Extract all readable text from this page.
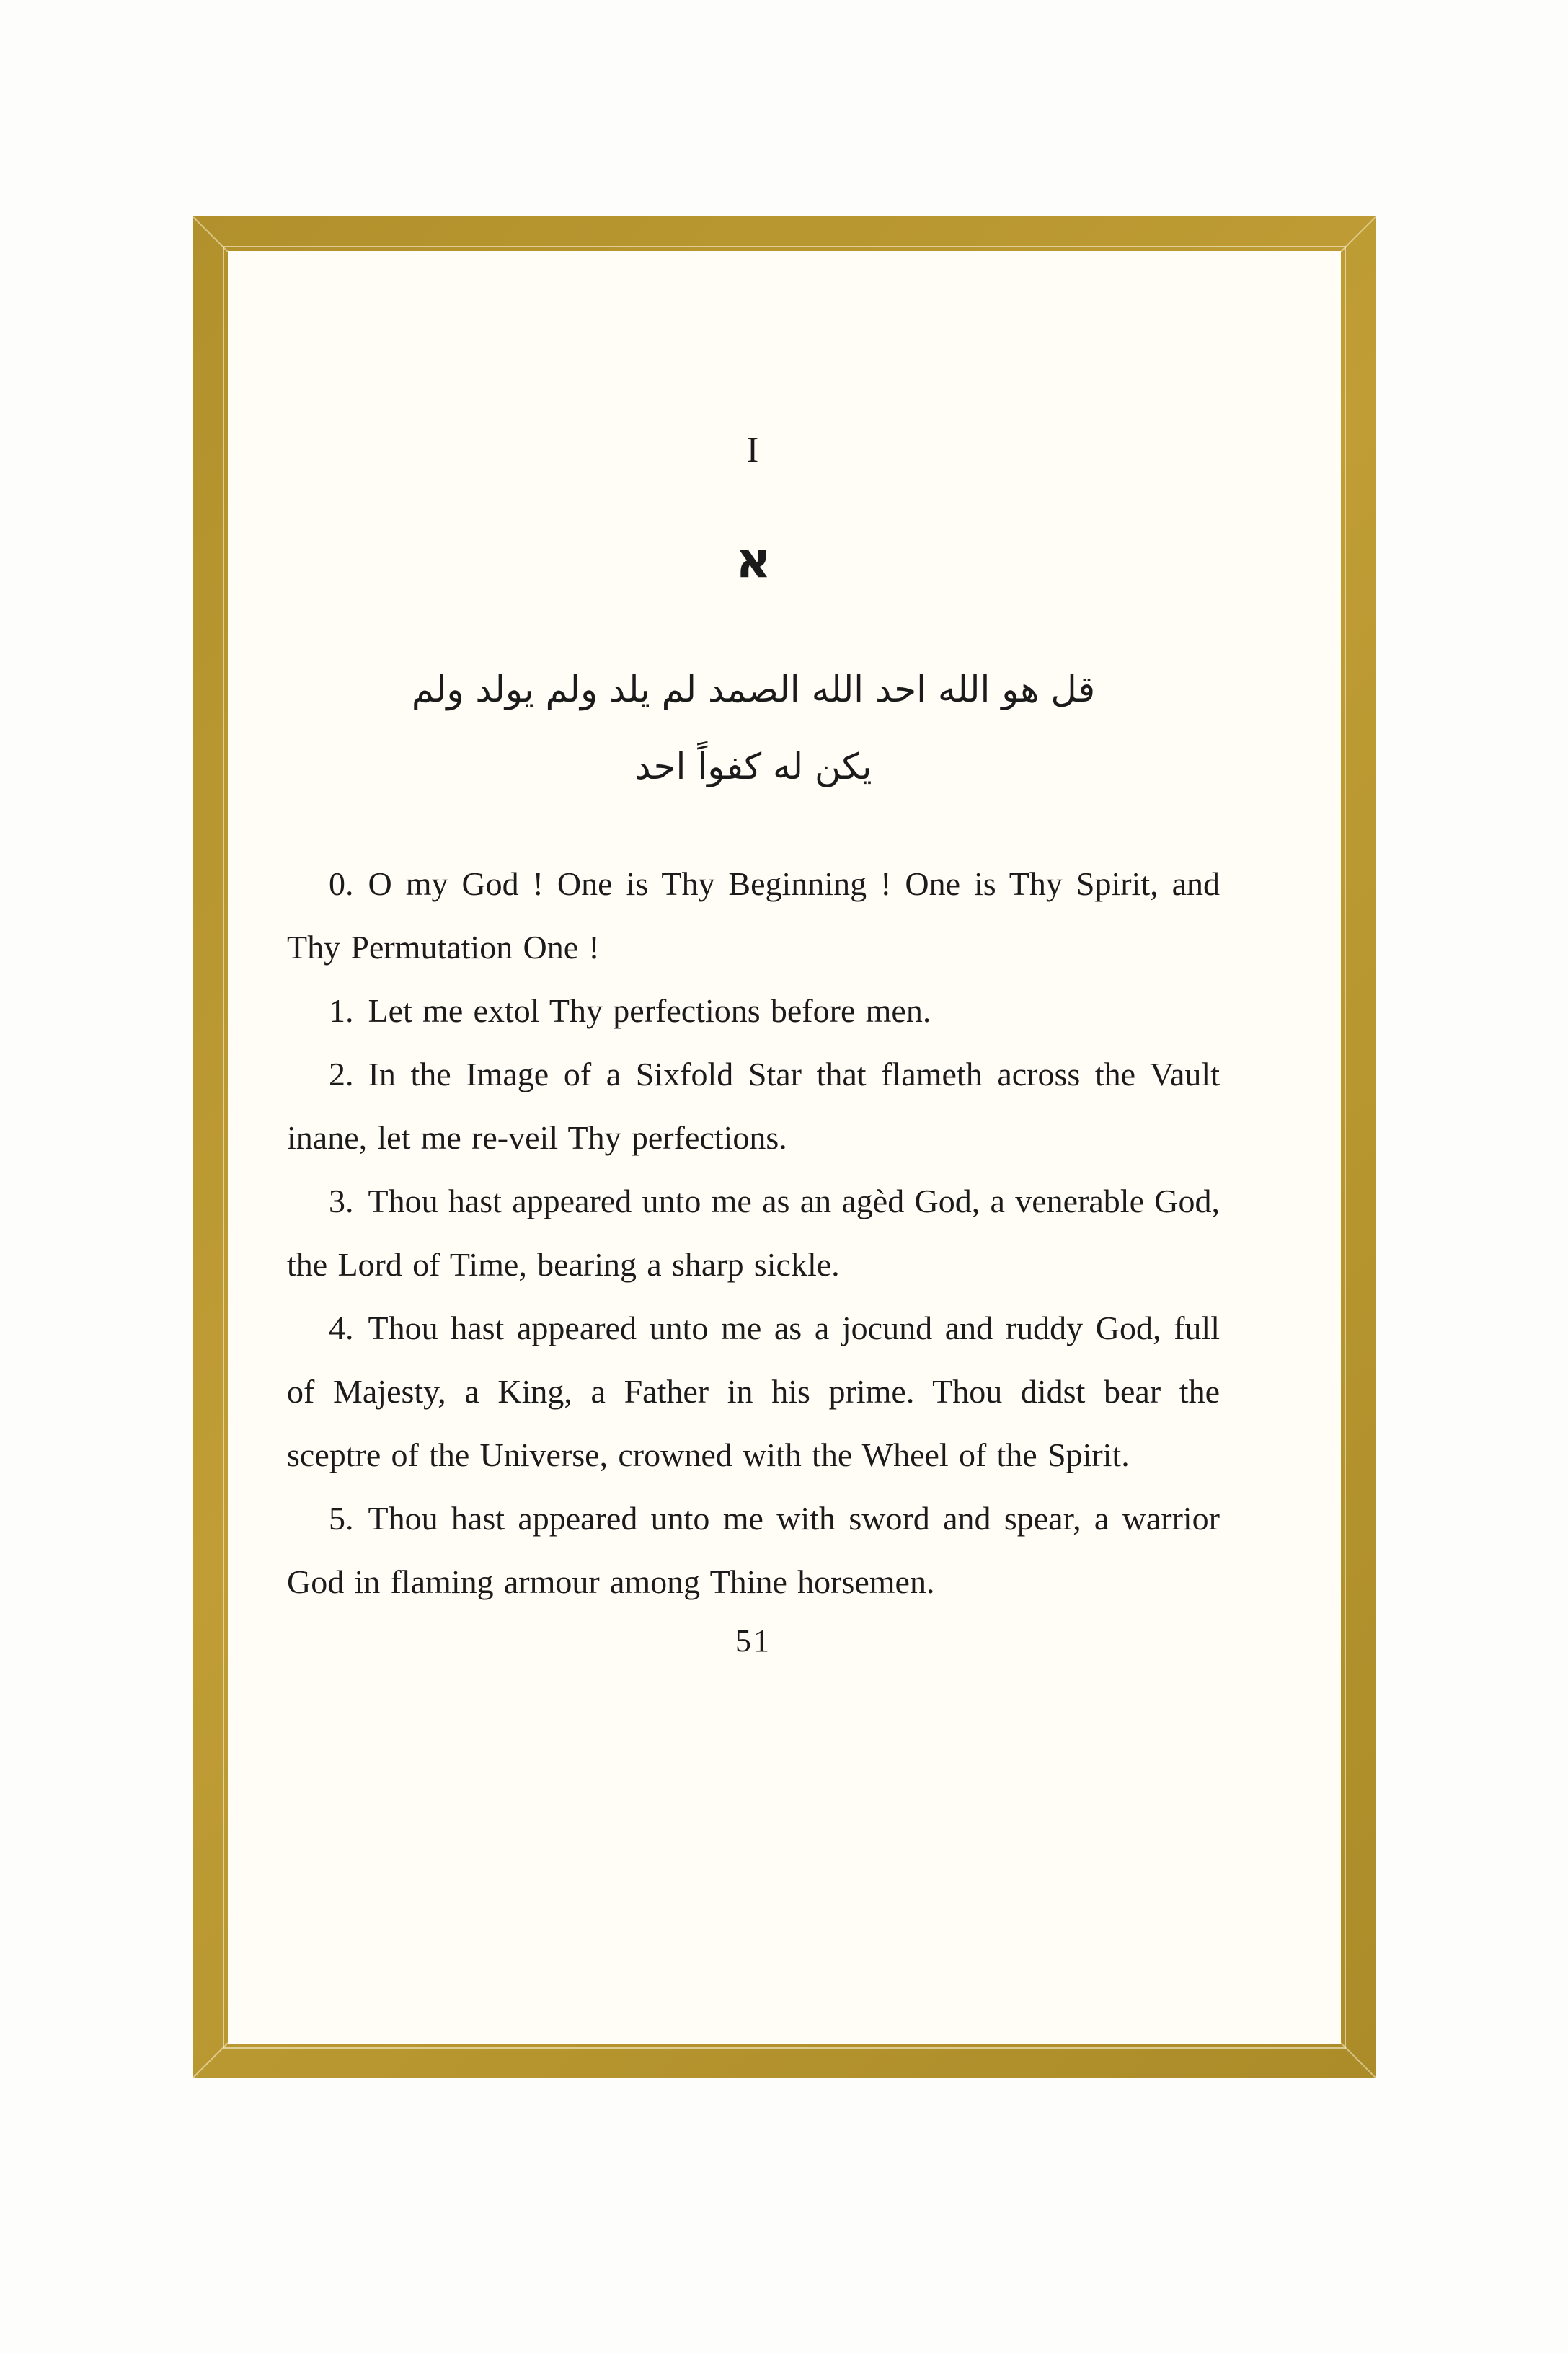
I
א
قل هو الله احد الله الصمد لم يلد ولم يولد ولم
يكن له كفواً احد

0. O my God ! One is Thy Beginning ! One is Thy Spirit, and Thy Permutation One !

1. Let me extol Thy perfections before men.

2. In the Image of a Sixfold Star that flameth across the Vault inane, let me re-veil Thy perfections.

3. Thou hast appeared unto me as an agèd God, a venerable God, the Lord of Time, bearing a sharp sickle.

4. Thou hast appeared unto me as a jocund and ruddy God, full of Majesty, a King, a Father in his prime. Thou didst bear the sceptre of the Universe, crowned with the Wheel of the Spirit.

5. Thou hast appeared unto me with sword and spear, a warrior God in flaming armour among Thine horsemen.

51
